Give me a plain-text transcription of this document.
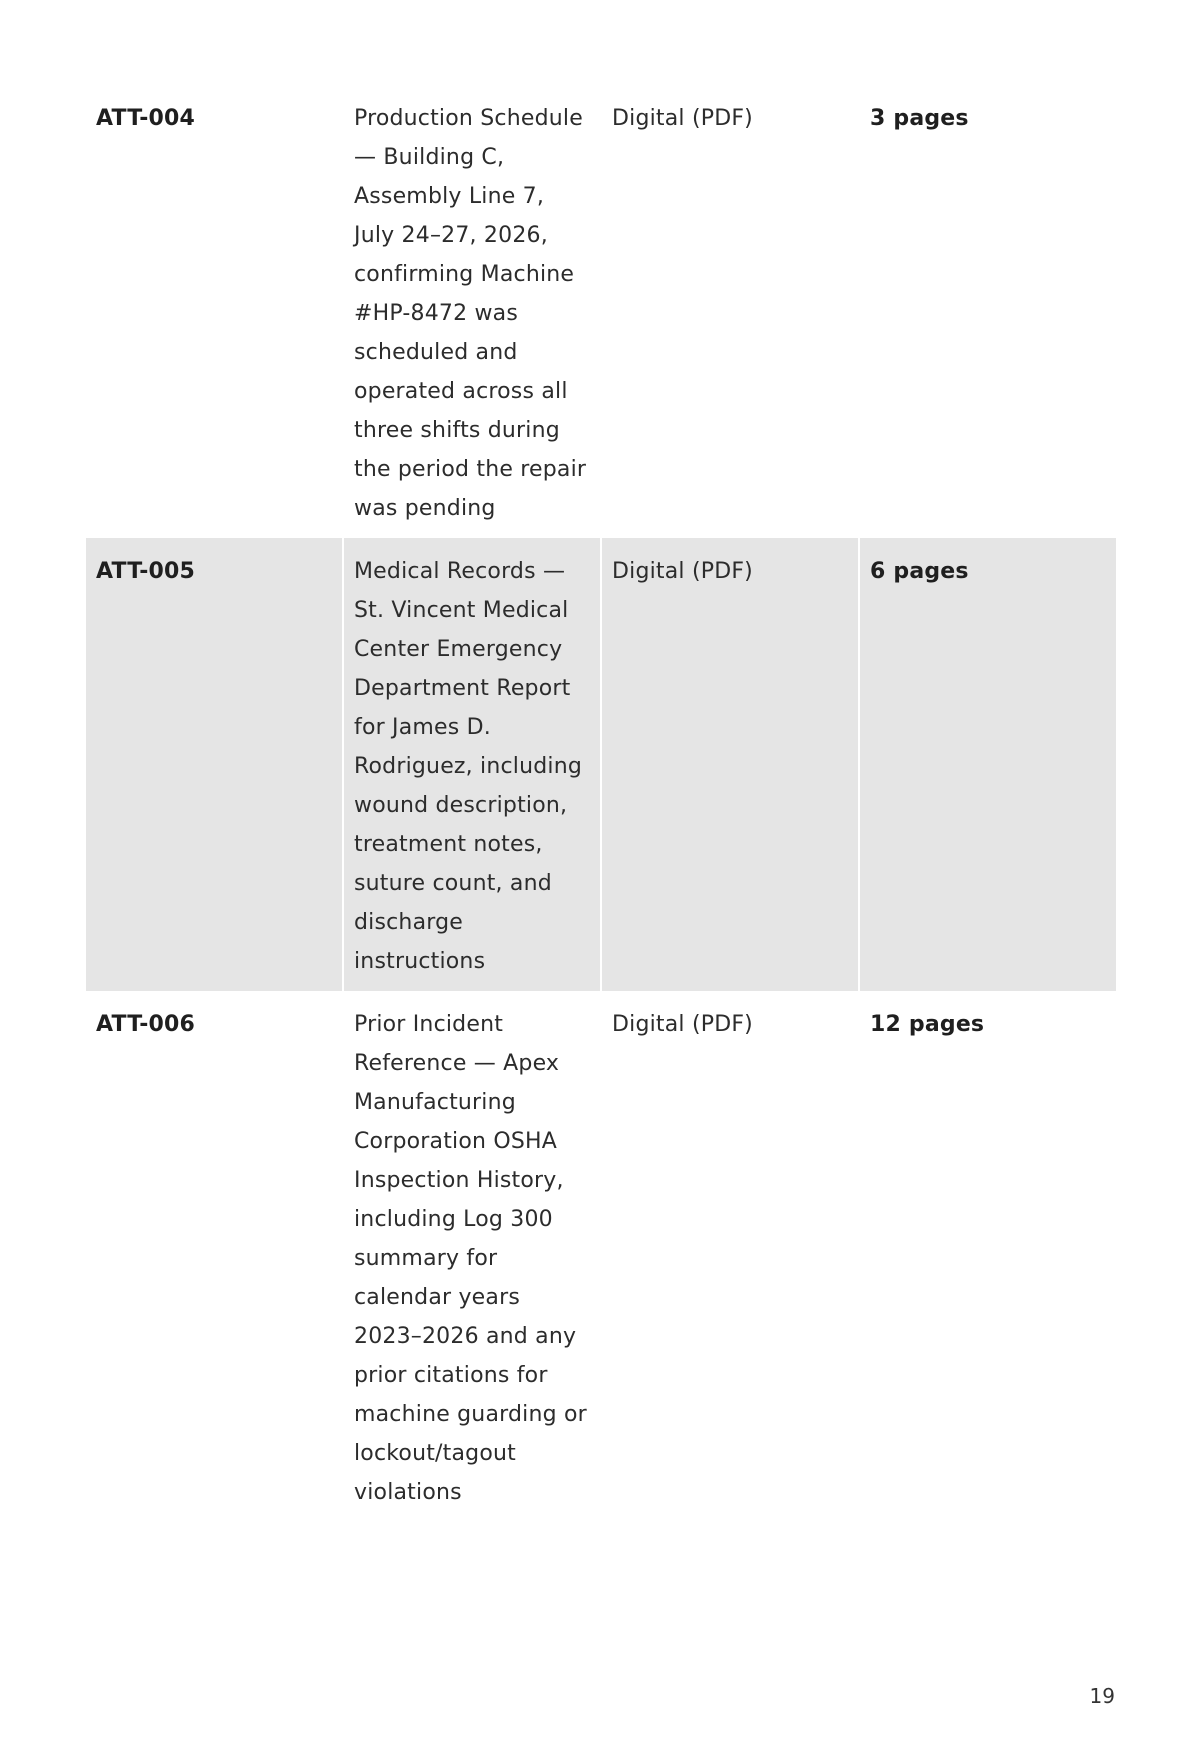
ATT-004	Production Schedule — Building C, Assembly Line 7, July 24–27, 2026, confirming Machine #HP-8472 was scheduled and operated across all three shifts during the period the repair was pending	Digital (PDF)	3 pages
ATT-005	Medical Records — St. Vincent Medical Center Emergency Department Report for James D. Rodriguez, including wound description, treatment notes, suture count, and discharge instructions	Digital (PDF)	6 pages
ATT-006	Prior Incident Reference — Apex Manufacturing Corporation OSHA Inspection History, including Log 300 summary for calendar years 2023–2026 and any prior citations for machine guarding or lockout/tagout violations	Digital (PDF)	12 pages
19
